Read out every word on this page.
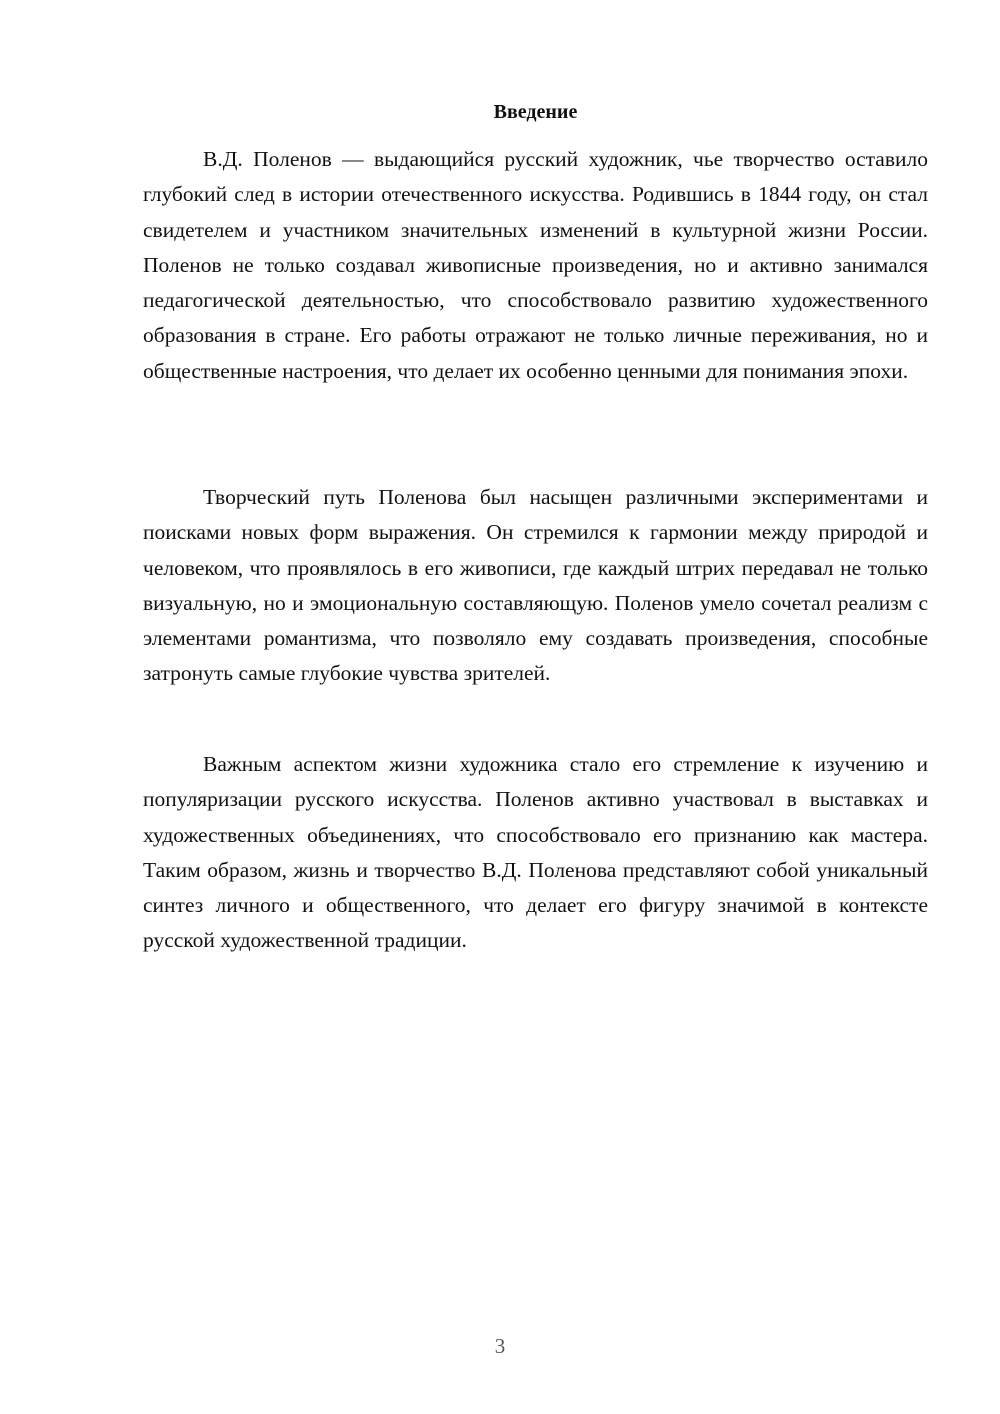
Введение

В.Д. Поленов — выдающийся русский художник, чье творчество оставило глубокий след в истории отечественного искусства. Родившись в 1844 году, он стал свидетелем и участником значительных изменений в культурной жизни России. Поленов не только создавал живописные произведения, но и активно занимался педагогической деятельностью, что способствовало развитию художественного образования в стране. Его работы отражают не только личные переживания, но и общественные настроения, что делает их особенно ценными для понимания эпохи.

Творческий путь Поленова был насыщен различными экспериментами и поисками новых форм выражения. Он стремился к гармонии между природой и человеком, что проявлялось в его живописи, где каждый штрих передавал не только визуальную, но и эмоциональную составляющую. Поленов умело сочетал реализм с элементами романтизма, что позволяло ему создавать произведения, способные затронуть самые глубокие чувства зрителей.

Важным аспектом жизни художника стало его стремление к изучению и популяризации русского искусства. Поленов активно участвовал в выставках и художественных объединениях, что способствовало его признанию как мастера. Таким образом, жизнь и творчество В.Д. Поленова представляют собой уникальный синтез личного и общественного, что делает его фигуру значимой в контексте русской художественной традиции.

3
